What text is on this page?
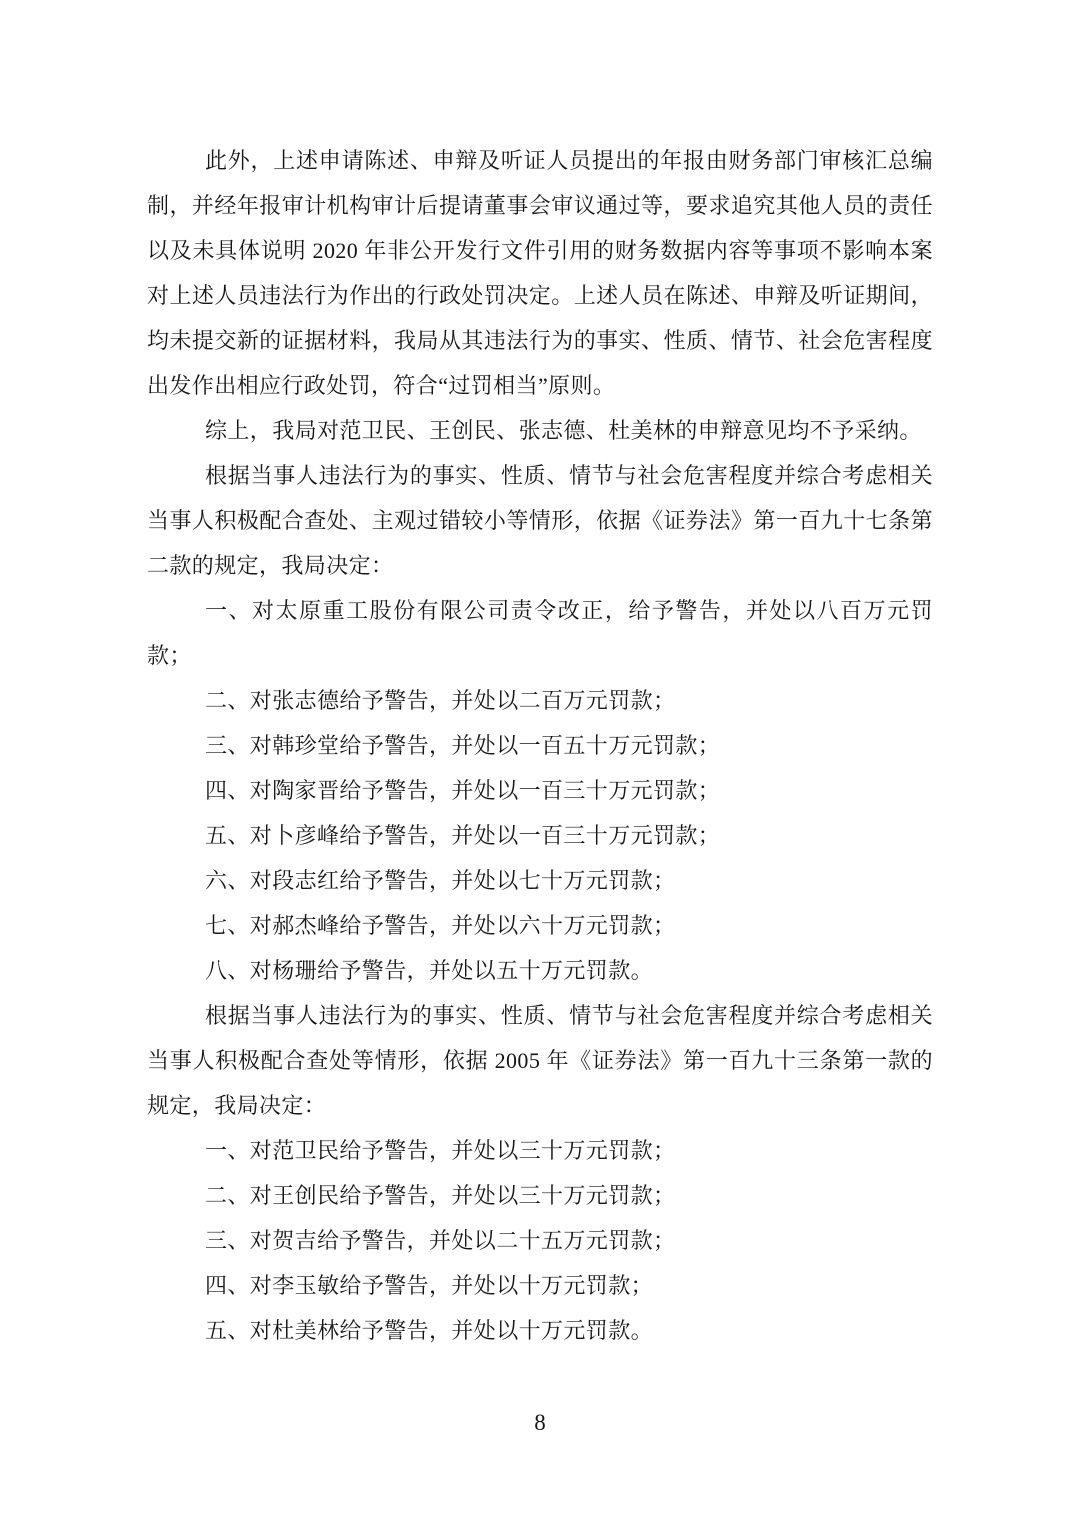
此外，上述申请陈述、申辩及听证人员提出的年报由财务部门审核汇总编制，并经年报审计机构审计后提请董事会审议通过等，要求追究其他人员的责任以及未具体说明 2020 年非公开发行文件引用的财务数据内容等事项不影响本案对上述人员违法行为作出的行政处罚决定。上述人员在陈述、申辩及听证期间，均未提交新的证据材料，我局从其违法行为的事实、性质、情节、社会危害程度出发作出相应行政处罚，符合“过罚相当”原则。

综上，我局对范卫民、王创民、张志德、杜美林的申辩意见均不予采纳。

根据当事人违法行为的事实、性质、情节与社会危害程度并综合考虑相关当事人积极配合查处、主观过错较小等情形，依据《证券法》第一百九十七条第二款的规定，我局决定：

一、对太原重工股份有限公司责令改正，给予警告，并处以八百万元罚款；

二、对张志德给予警告，并处以二百万元罚款；

三、对韩珍堂给予警告，并处以一百五十万元罚款；

四、对陶家晋给予警告，并处以一百三十万元罚款；

五、对卜彦峰给予警告，并处以一百三十万元罚款；

六、对段志红给予警告，并处以七十万元罚款；

七、对郝杰峰给予警告，并处以六十万元罚款；

八、对杨珊给予警告，并处以五十万元罚款。

根据当事人违法行为的事实、性质、情节与社会危害程度并综合考虑相关当事人积极配合查处等情形，依据 2005 年《证券法》第一百九十三条第一款的规定，我局决定：

一、对范卫民给予警告，并处以三十万元罚款；

二、对王创民给予警告，并处以三十万元罚款；

三、对贺吉给予警告，并处以二十五万元罚款；

四、对李玉敏给予警告，并处以十万元罚款；

五、对杜美林给予警告，并处以十万元罚款。

8
